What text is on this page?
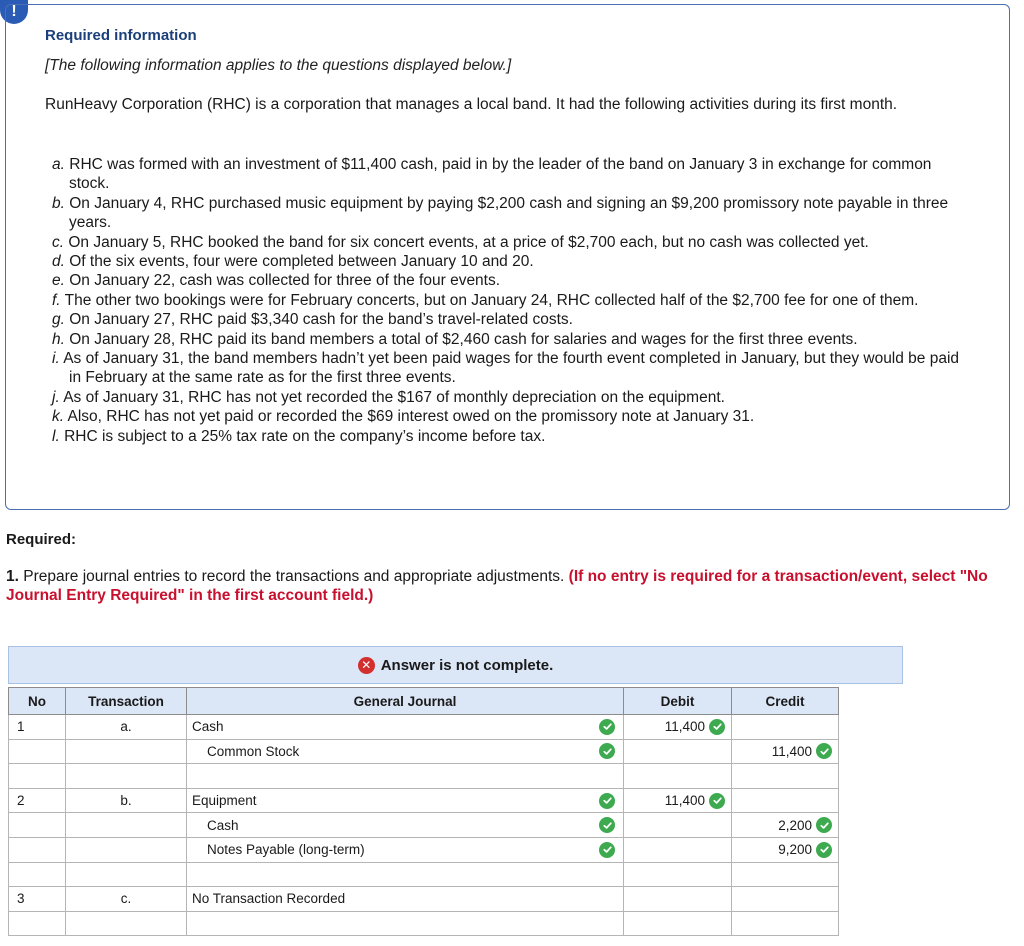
!
Required information
[The following information applies to the questions displayed below.]
RunHeavy Corporation (RHC) is a corporation that manages a local band. It had the following activities during its first month.
a. RHC was formed with an investment of $11,400 cash, paid in by the leader of the band on January 3 in exchange for common stock.
b. On January 4, RHC purchased music equipment by paying $2,200 cash and signing an $9,200 promissory note payable in three years.
c. On January 5, RHC booked the band for six concert events, at a price of $2,700 each, but no cash was collected yet.
d. Of the six events, four were completed between January 10 and 20.
e. On January 22, cash was collected for three of the four events.
f. The other two bookings were for February concerts, but on January 24, RHC collected half of the $2,700 fee for one of them.
g. On January 27, RHC paid $3,340 cash for the band’s travel-related costs.
h. On January 28, RHC paid its band members a total of $2,460 cash for salaries and wages for the first three events.
i. As of January 31, the band members hadn’t yet been paid wages for the fourth event completed in January, but they would be paid in February at the same rate as for the first three events.
j. As of January 31, RHC has not yet recorded the $167 of monthly depreciation on the equipment.
k. Also, RHC has not yet paid or recorded the $69 interest owed on the promissory note at January 31.
l. RHC is subject to a 25% tax rate on the company’s income before tax.
Required:
1. Prepare journal entries to record the transactions and appropriate adjustments. (If no entry is required for a transaction/event, select "No Journal Entry Required" in the first account field.)
✕ Answer is not complete.
No	Transaction	General Journal	Debit	Credit
1	a.	Cash	11,400	

		Common Stock		11,400

2	b.	Equipment	11,400	

		Cash		2,200

		Notes Payable (long-term)		9,200

3	c.	No Transaction Recorded	
